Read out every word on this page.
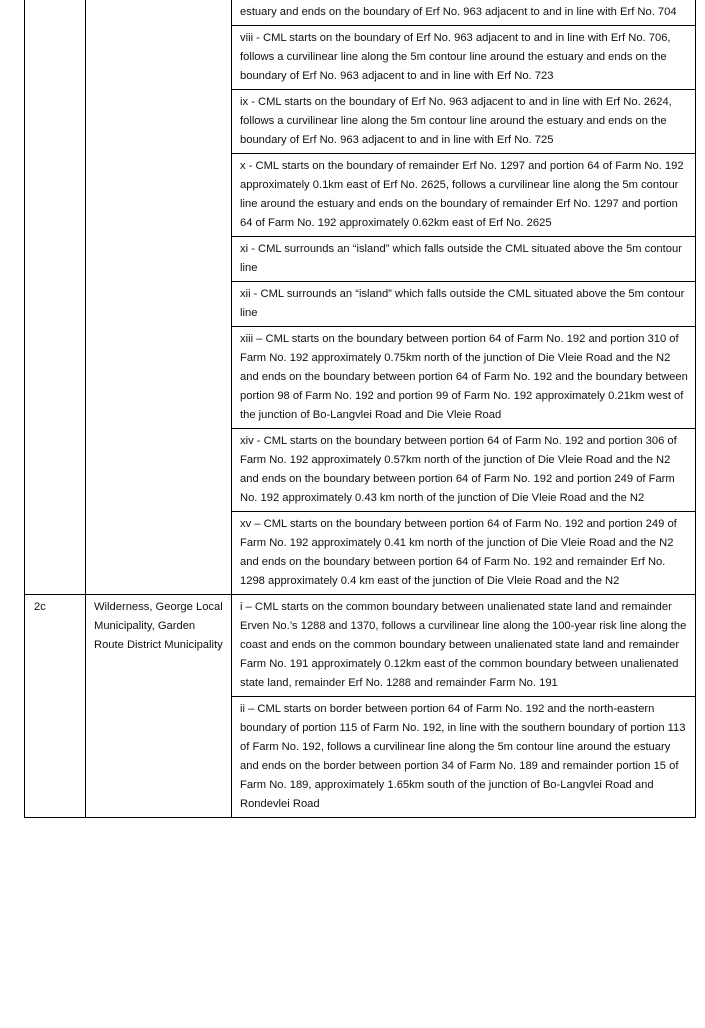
		estuary and ends on the boundary of Erf No. 963 adjacent to and in line with Erf No. 704
		viii - CML starts on the boundary of Erf No. 963 adjacent to and in line with Erf No. 706, follows a curvilinear line along the 5m contour line around the estuary and ends on the boundary of Erf No. 963 adjacent to and in line with Erf No. 723
		ix - CML starts on the boundary of Erf No. 963 adjacent to and in line with Erf No. 2624, follows a curvilinear line along the 5m contour line around the estuary and ends on the boundary of Erf No. 963 adjacent to and in line with Erf No. 725
		x - CML starts on the boundary of remainder Erf No. 1297 and portion 64 of Farm No. 192 approximately 0.1km east of Erf No. 2625, follows a curvilinear line along the 5m contour line around the estuary and ends on the boundary of remainder Erf No. 1297 and portion 64 of Farm No. 192 approximately 0.62km east of Erf No. 2625
		xi - CML surrounds an “island” which falls outside the CML situated above the 5m contour line
		xii - CML surrounds an “island” which falls outside the CML situated above the 5m contour line
		xiii – CML starts on the boundary between portion 64 of Farm No. 192 and portion 310 of Farm No. 192 approximately 0.75km north of the junction of Die Vleie Road and the N2 and ends on the boundary between portion 64 of Farm No. 192 and the boundary between portion 98 of Farm No. 192 and portion 99 of Farm No. 192 approximately 0.21km west of the junction of Bo-Langvlei Road and Die Vleie Road
		xiv - CML starts on the boundary between portion 64 of Farm No. 192 and portion 306 of Farm No. 192 approximately 0.57km north of the junction of Die Vleie Road and the N2 and ends on the boundary between portion 64 of Farm No. 192 and portion 249 of Farm No. 192 approximately 0.43 km north of the junction of Die Vleie Road and the N2
		xv – CML starts on the boundary between portion 64 of Farm No. 192 and portion 249 of Farm No. 192 approximately 0.41 km north of the junction of Die Vleie Road and the N2 and ends on the boundary between portion 64 of Farm No. 192 and remainder Erf No. 1298 approximately 0.4 km east of the junction of Die Vleie Road and the N2
2c	Wilderness, George Local Municipality, Garden Route District Municipality	i – CML starts on the common boundary between unalienated state land and remainder Erven No.’s 1288 and 1370, follows a curvilinear line along the 100-year risk line along the coast and ends on the common boundary between unalienated state land and remainder Farm No. 191 approximately 0.12km east of the common boundary between unalienated state land, remainder Erf No. 1288 and remainder Farm No. 191
		ii – CML starts on border between portion 64 of Farm No. 192 and the north-eastern boundary of portion 115 of Farm No. 192, in line with the southern boundary of portion 113 of Farm No. 192, follows a curvilinear line along the 5m contour line around the estuary and ends on the border between portion 34 of Farm No. 189 and remainder portion 15 of Farm No. 189, approximately 1.65km south of the junction of Bo-Langvlei Road and Rondevlei Road
